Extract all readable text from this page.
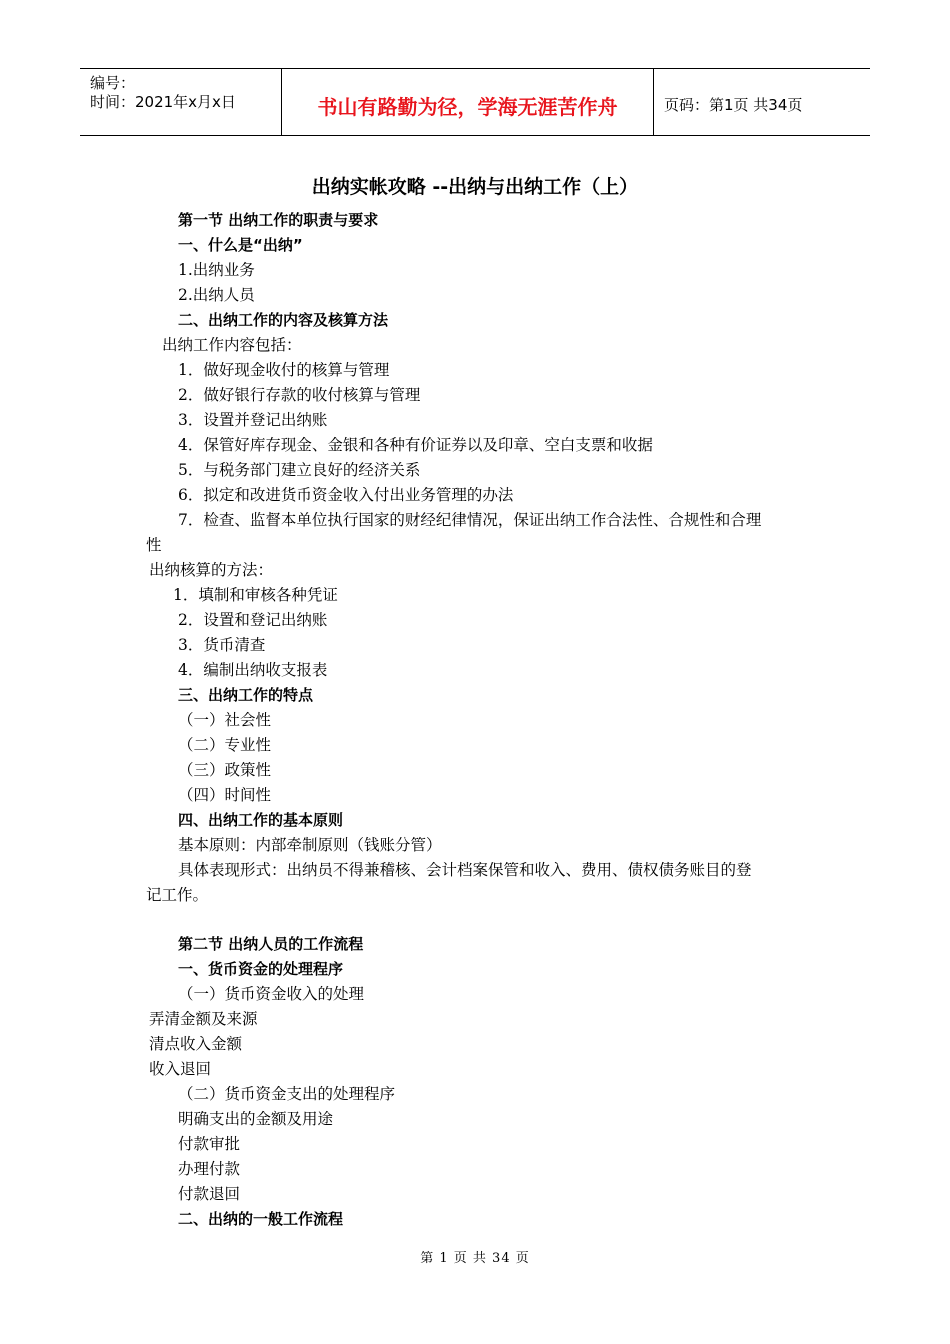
编号：
时间：2021年x月x日	书山有路勤为径，学海无涯苦作舟	页码：第1页 共34页
出纳实帐攻略 --出纳与出纳工作（上）
第一节 出纳工作的职责与要求
一、什么是“出纳”
1.出纳业务
2.出纳人员
二、出纳工作的内容及核算方法
出纳工作内容包括：
1．做好现金收付的核算与管理
2．做好银行存款的收付核算与管理
3．设置并登记出纳账
4．保管好库存现金、金银和各种有价证券以及印章、空白支票和收据
5．与税务部门建立良好的经济关系
6．拟定和改进货币资金收入付出业务管理的办法
7．检查、监督本单位执行国家的财经纪律情况，保证出纳工作合法性、合规性和合理
性
出纳核算的方法：
1．填制和审核各种凭证
2．设置和登记出纳账
3．货币清查
4．编制出纳收支报表
三、出纳工作的特点
（一）社会性
（二）专业性
（三）政策性
（四）时间性
四、出纳工作的基本原则
基本原则：内部牵制原则（钱账分管）
具体表现形式：出纳员不得兼稽核、会计档案保管和收入、费用、债权债务账目的登
记工作。
第二节 出纳人员的工作流程
一、货币资金的处理程序
（一）货币资金收入的处理
弄清金额及来源
清点收入金额
收入退回
（二）货币资金支出的处理程序
明确支出的金额及用途
付款审批
办理付款
付款退回
二、出纳的一般工作流程
第 1 页 共 34 页
